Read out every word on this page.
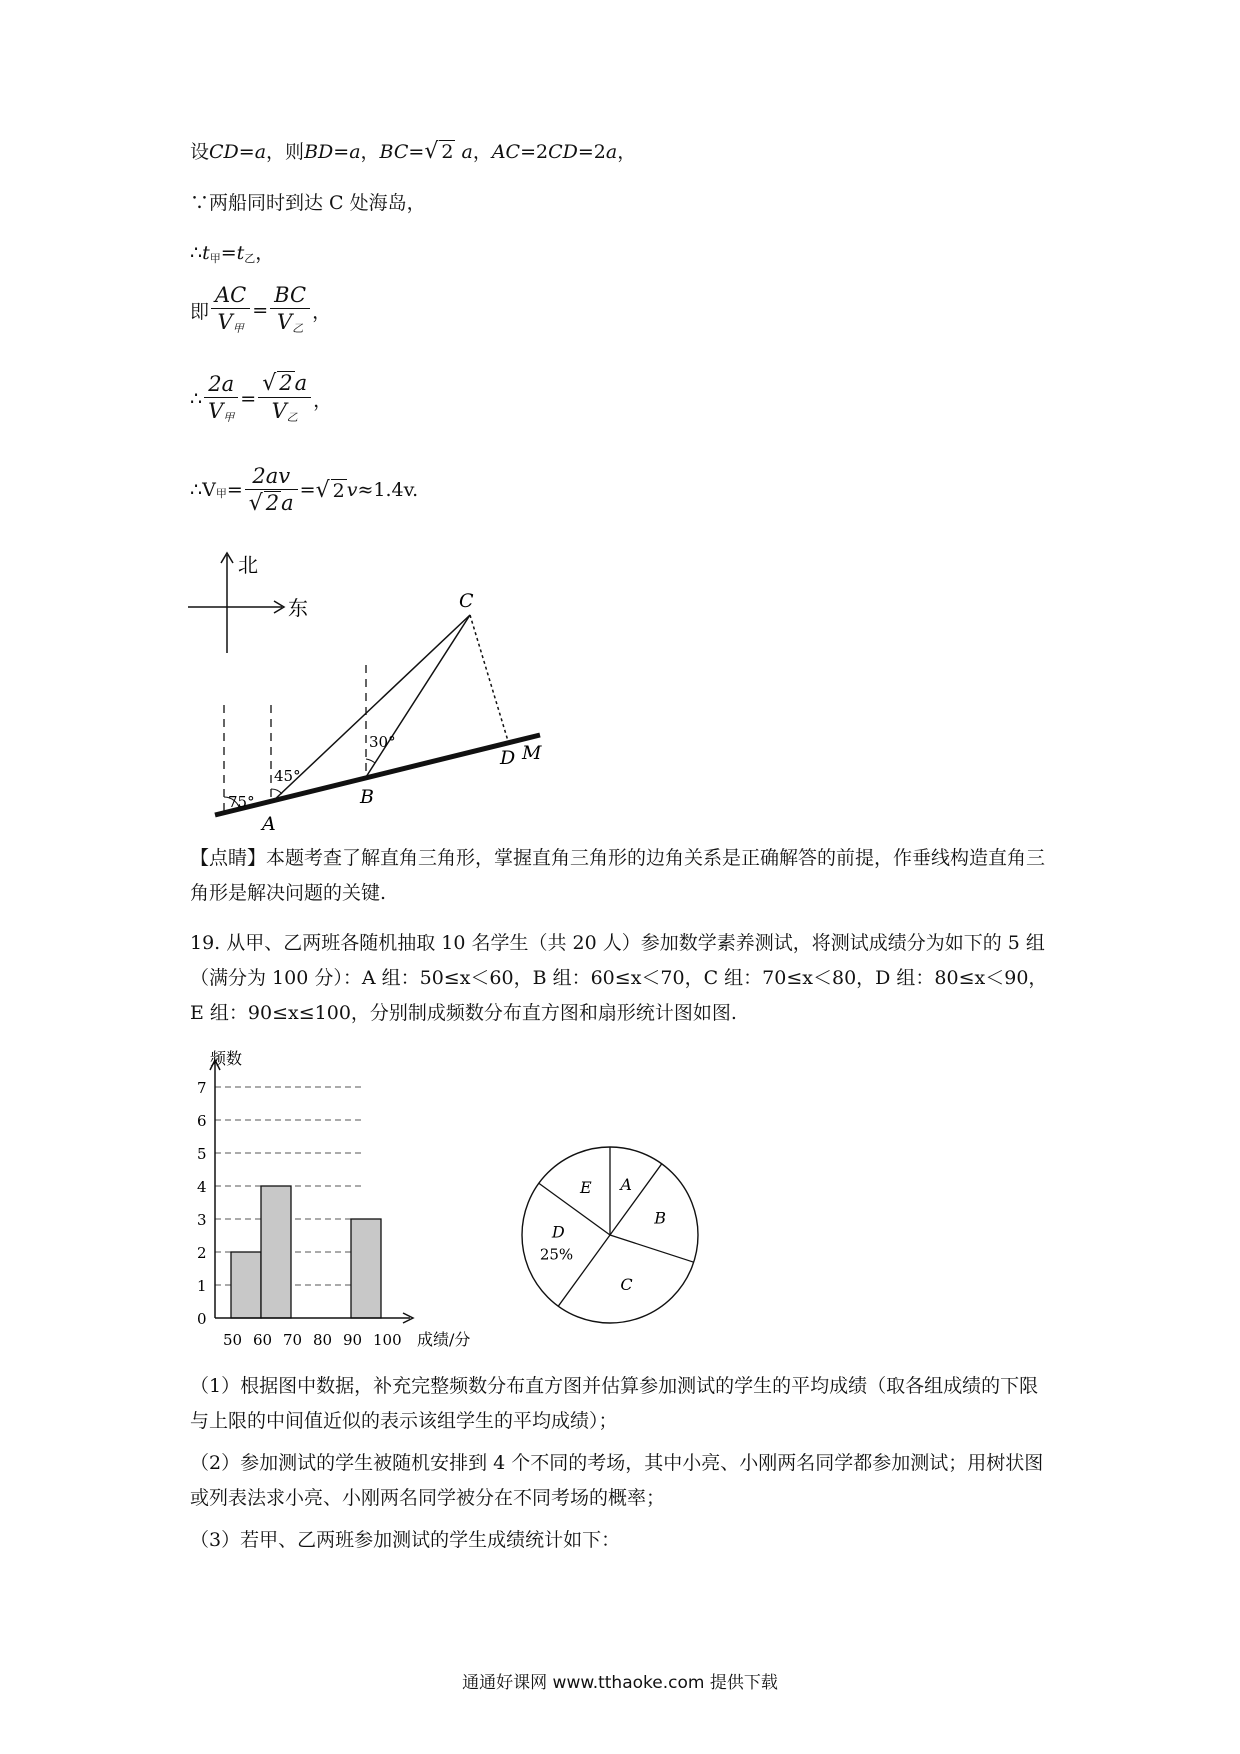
设CD=a，则BD=a，BC=√ 2 a，AC=2CD=2a，
∵两船同时到达 C 处海岛，
∴t甲=t乙，
即 $\frac{AC}{\text{V甲}} = \frac{BC}{\text{V乙}}$ ，
∴ $\frac{2a}{\text{V甲}} = \frac{√ 2a}{\text{V乙}}$ ，
∴V甲= $\frac{2av}{√ 2a}$ =√ 2 v≈1.4v.
北
东	C
D M
B
A
30°
45°
75°
【点睛】本题考查了解直角三角形，掌握直角三角形的边角关系是正确解答的前提，作垂线构造直角三角形是解决问题的关键.
19. 从甲、乙两班各随机抽取 10 名学生（共 20 人）参加数学素养测试，将测试成绩分为如下的 5 组（满分为 100 分）：A 组：50≤x＜60，B 组：60≤x＜70，C 组：70≤x＜80，D 组：80≤x＜90，E 组：90≤x≤100，分别制成频数分布直方图和扇形统计图如图.
0
1
2
3
4
5
6
7
50 60 70 80 90 100
频数
成绩/分
A
B
C
D
25%
E
（1）根据图中数据，补充完整频数分布直方图并估算参加测试的学生的平均成绩（取各组成绩的下限与上限的中间值近似的表示该组学生的平均成绩）；
（2）参加测试的学生被随机安排到 4 个不同的考场，其中小亮、小刚两名同学都参加测试；用树状图或列表法求小亮、小刚两名同学被分在不同考场的概率；
（3）若甲、乙两班参加测试的学生成绩统计如下：
通通好课网 www.tthaoke.com 提供下载
